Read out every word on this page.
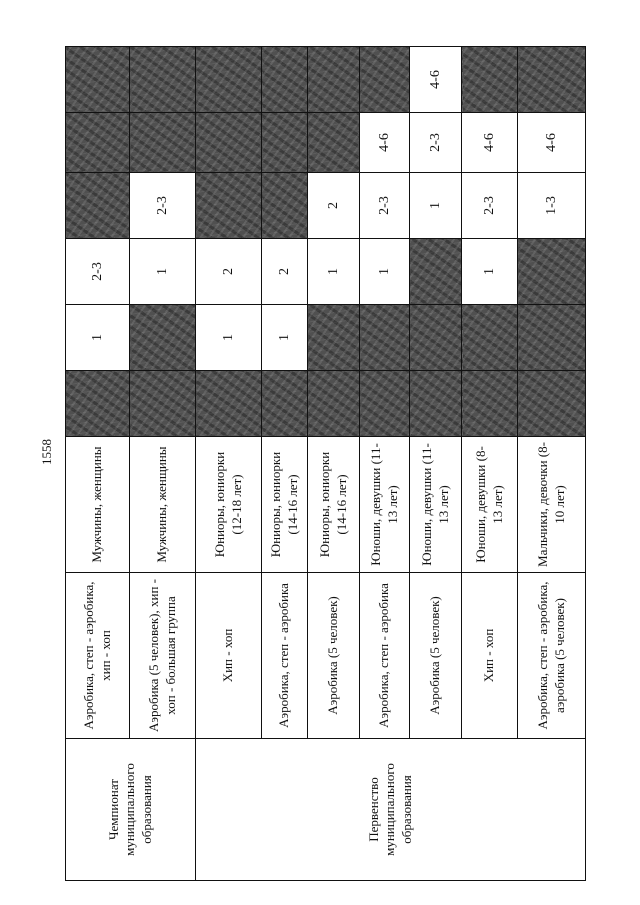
1558
Чемпионат муниципального образования	Аэробика, степ - аэробика, хип - хоп	Мужчины, женщины		1	2-3			
	Аэробика (5 человек), хип - хоп - большая группа	Мужчины, женщины			1	2-3		
Первенство муниципального образования	Хип - хоп	Юниоры, юниорки (12-18 лет)		1	2			
	Аэробика, степ - аэробика	Юниоры, юниорки (14-16 лет)		1	2			
	Аэробика (5 человек)	Юниоры, юниорки (14-16 лет)			1	2		
	Аэробика, степ - аэробика	Юноши, девушки (11-13 лет)			1	2-3	4-6	
	Аэробика (5 человек)	Юноши, девушки (11-13 лет)				1	2-3	4-6
	Хип - хоп	Юноши, девушки (8-13 лет)			1	2-3	4-6	
	Аэробика, степ - аэробика, аэробика (5 человек)	Мальчики, девочки (8-10 лет)				1-3	4-6	
